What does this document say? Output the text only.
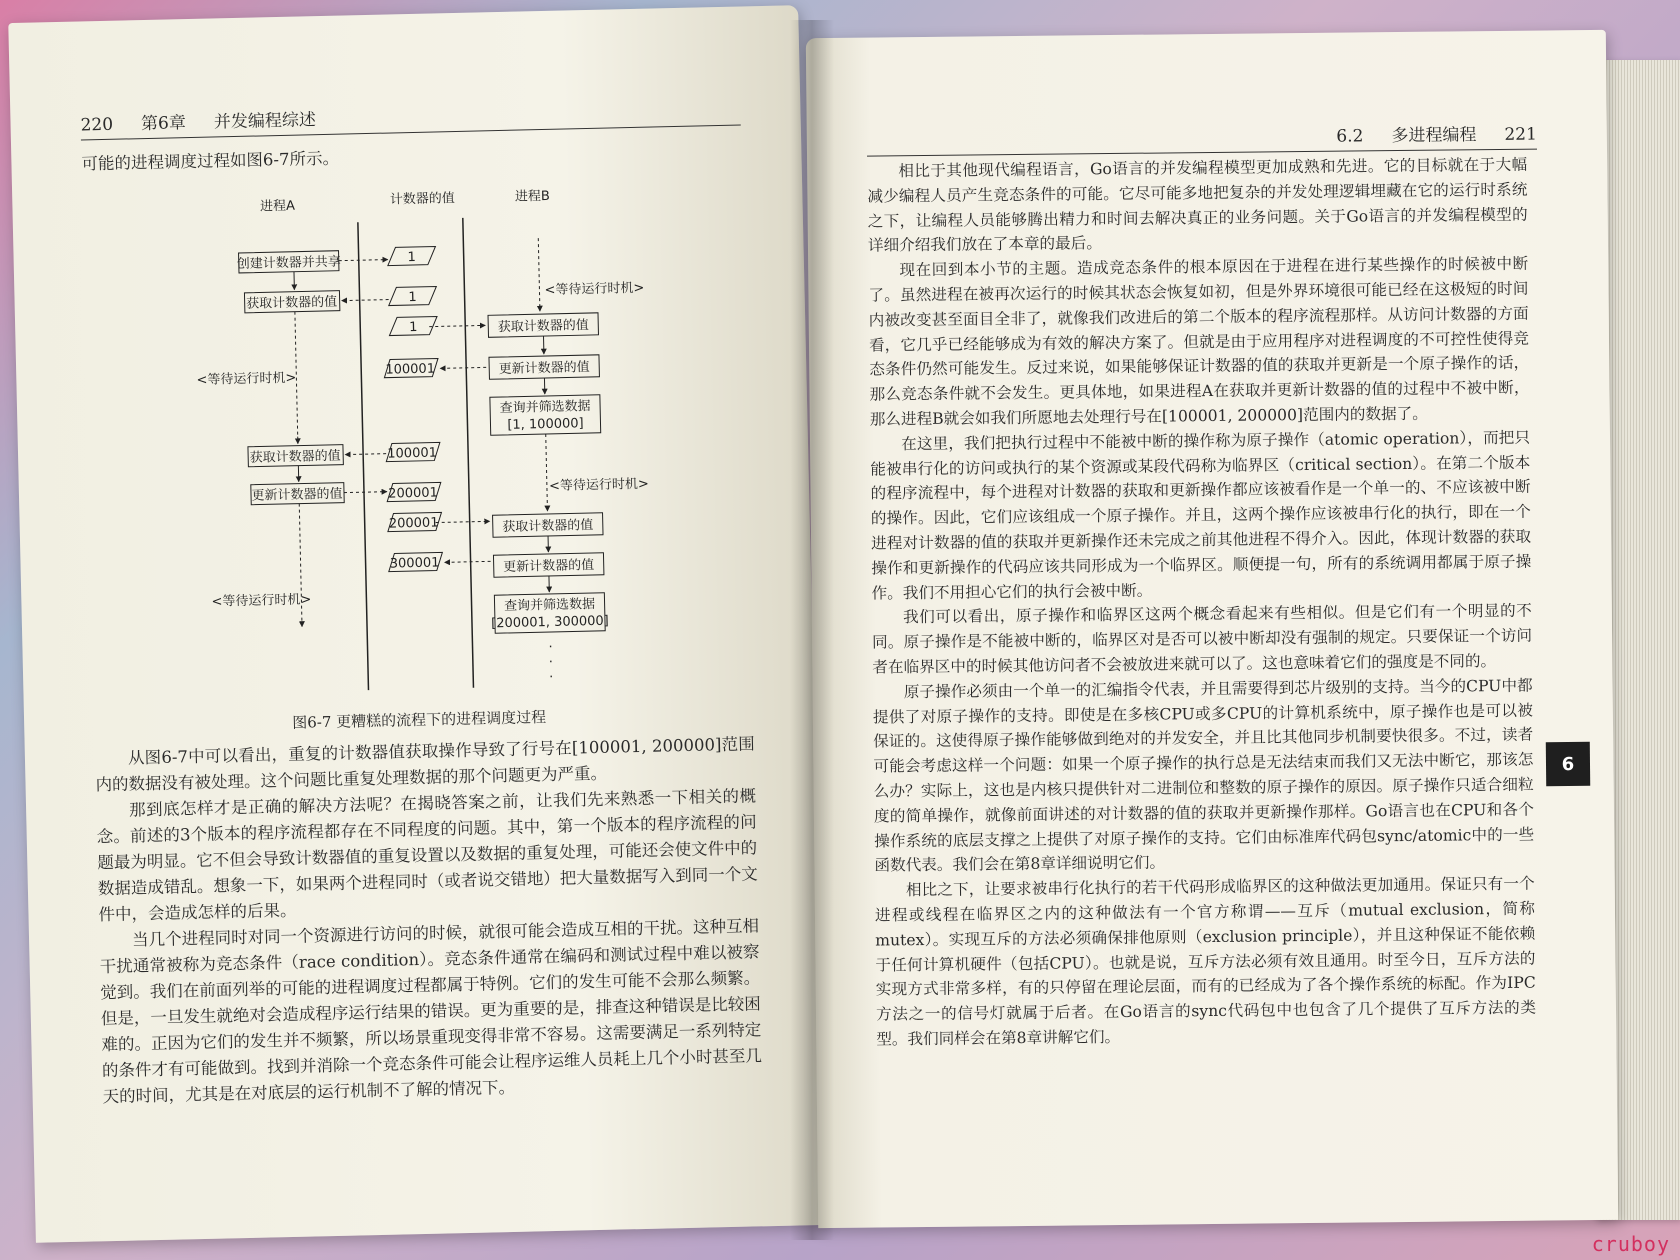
220 第6章 并发编程综述

可能的进程调度过程如图6-7所示。

进程A	计数器的值	进程B
创建计数器并共享
获取计数器的值
<等待运行时机>
获取计数器的值
更新计数器的值
<等待运行时机>
1
1
1
100001
100001
200001
200001
300001
<等待运行时机>
获取计数器的值
更新计数器的值
查询并筛选数据
[1, 100000]
<等待运行时机>
获取计数器的值
更新计数器的值
查询并筛选数据
[200001, 300000]
·
·
·
图6-7 更糟糕的流程下的进程调度过程

从图6-7中可以看出，重复的计数器值获取操作导致了行号在[100001, 200000]范围内的数据没有被处理。这个问题比重复处理数据的那个问题更为严重。

那到底怎样才是正确的解决方法呢？在揭晓答案之前，让我们先来熟悉一下相关的概念。前述的3个版本的程序流程都存在不同程度的问题。其中，第一个版本的程序流程的问题最为明显。它不但会导致计数器值的重复设置以及数据的重复处理，可能还会使文件中的数据造成错乱。想象一下，如果两个进程同时（或者说交错地）把大量数据写入到同一个文件中，会造成怎样的后果。

当几个进程同时对同一个资源进行访问的时候，就很可能会造成互相的干扰。这种互相干扰通常被称为竞态条件（race condition）。竞态条件通常在编码和测试过程中难以被察觉到。我们在前面列举的可能的进程调度过程都属于特例。它们的发生可能不会那么频繁。但是，一旦发生就绝对会造成程序运行结果的错误。更为重要的是，排查这种错误是比较困难的。正因为它们的发生并不频繁，所以场景重现变得非常不容易。这需要满足一系列特定的条件才有可能做到。找到并消除一个竞态条件可能会让程序运维人员耗上几个小时甚至几天的时间，尤其是在对底层的运行机制不了解的情况下。

6.2 多进程编程 221

相比于其他现代编程语言，Go语言的并发编程模型更加成熟和先进。它的目标就在于大幅减少编程人员产生竞态条件的可能。它尽可能多地把复杂的并发处理逻辑埋藏在它的运行时系统之下，让编程人员能够腾出精力和时间去解决真正的业务问题。关于Go语言的并发编程模型的详细介绍我们放在了本章的最后。

现在回到本小节的主题。造成竞态条件的根本原因在于进程在进行某些操作的时候被中断了。虽然进程在被再次运行的时候其状态会恢复如初，但是外界环境很可能已经在这极短的时间内被改变甚至面目全非了，就像我们改进后的第二个版本的程序流程那样。从访问计数器的方面看，它几乎已经能够成为有效的解决方案了。但就是由于应用程序对进程调度的不可控性使得竞态条件仍然可能发生。反过来说，如果能够保证计数器的值的获取并更新是一个原子操作的话，那么竞态条件就不会发生。更具体地，如果进程A在获取并更新计数器的值的过程中不被中断，那么进程B就会如我们所愿地去处理行号在[100001, 200000]范围内的数据了。

在这里，我们把执行过程中不能被中断的操作称为原子操作（atomic operation），而把只能被串行化的访问或执行的某个资源或某段代码称为临界区（critical section）。在第二个版本的程序流程中，每个进程对计数器的获取和更新操作都应该被看作是一个单一的、不应该被中断的操作。因此，它们应该组成一个原子操作。并且，这两个操作应该被串行化的执行，即在一个进程对计数器的值的获取并更新操作还未完成之前其他进程不得介入。因此，体现计数器的获取操作和更新操作的代码应该共同形成为一个临界区。顺便提一句，所有的系统调用都属于原子操作。我们不用担心它们的执行会被中断。

我们可以看出，原子操作和临界区这两个概念看起来有些相似。但是它们有一个明显的不同。原子操作是不能被中断的，临界区对是否可以被中断却没有强制的规定。只要保证一个访问者在临界区中的时候其他访问者不会被放进来就可以了。这也意味着它们的强度是不同的。

原子操作必须由一个单一的汇编指令代表，并且需要得到芯片级别的支持。当今的CPU中都提供了对原子操作的支持。即使是在多核CPU或多CPU的计算机系统中，原子操作也是可以被保证的。这使得原子操作能够做到绝对的并发安全，并且比其他同步机制要快很多。不过，读者可能会考虑这样一个问题：如果一个原子操作的执行总是无法结束而我们又无法中断它，那该怎么办？实际上，这也是内核只提供针对二进制位和整数的原子操作的原因。原子操作只适合细粒度的简单操作，就像前面讲述的对计数器的值的获取并更新操作那样。Go语言也在CPU和各个操作系统的底层支撑之上提供了对原子操作的支持。它们由标准库代码包sync/atomic中的一些函数代表。我们会在第8章详细说明它们。

相比之下，让要求被串行化执行的若干代码形成临界区的这种做法更加通用。保证只有一个进程或线程在临界区之内的这种做法有一个官方称谓——互斥（mutual exclusion，简称mutex）。实现互斥的方法必须确保排他原则（exclusion principle），并且这种保证不能依赖于任何计算机硬件（包括CPU）。也就是说，互斥方法必须有效且通用。时至今日，互斥方法的实现方式非常多样，有的只停留在理论层面，而有的已经成为了各个操作系统的标配。作为IPC方法之一的信号灯就属于后者。在Go语言的sync代码包中也包含了几个提供了互斥方法的类型。我们同样会在第8章讲解它们。

6
cruboy
